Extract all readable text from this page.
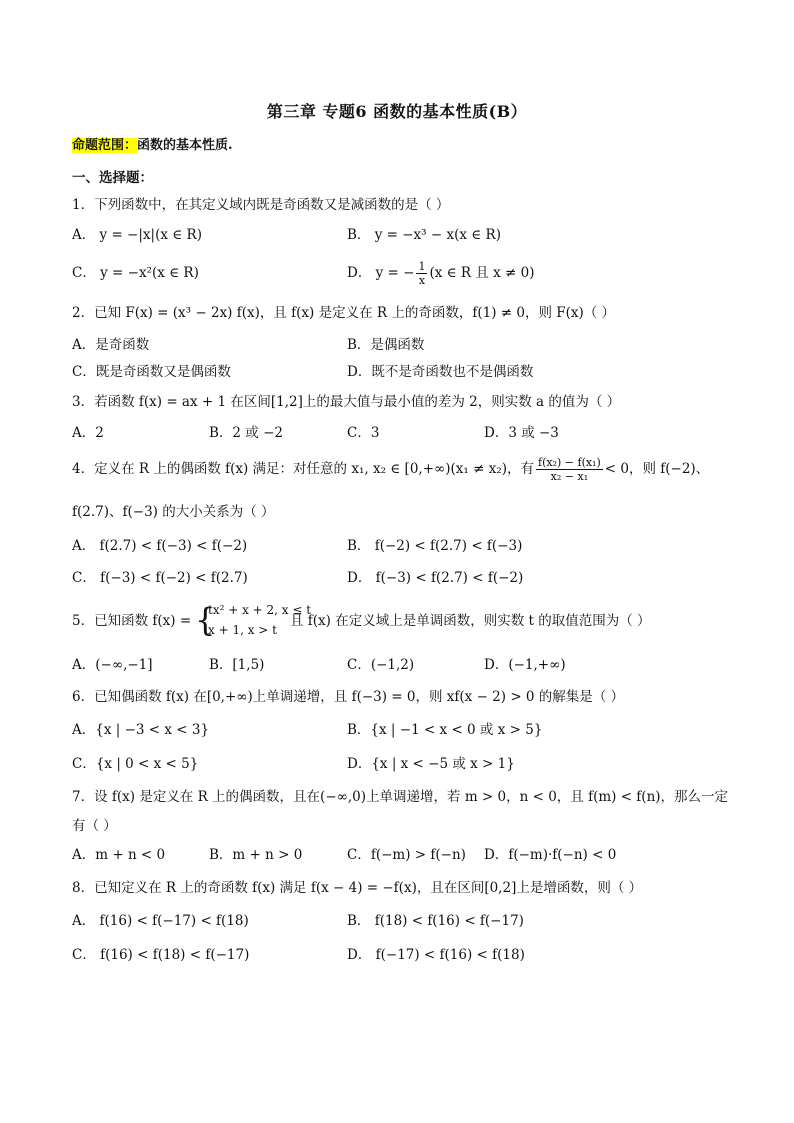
第三章 专题6 函数的基本性质(B）
命题范围：函数的基本性质.
一、选择题：
1．下列函数中，在其定义域内既是奇函数又是减函数的是（ ）
A． y = −|x|(x ∈ R)	B． y = −x³ − x(x ∈ R)
C． y = −x²(x ∈ R)	D． y = − $\frac{1}{x} (x$ ∈ R 且 x ≠ 0)
2．已知 F(x) = (x³ − 2x) f(x)，且 f(x) 是定义在 R 上的奇函数，f(1) ≠ 0，则 F(x)（ ）
A．是奇函数	B．是偶函数
C．既是奇函数又是偶函数	D．既不是奇函数也不是偶函数
3．若函数 f(x) = ax + 1 在区间[1,2]上的最大值与最小值的差为 2，则实数 a 的值为（ ）
A．2	B．2 或 −2	C．3	D．3 或 −3
4．定义在 R 上的偶函数 f(x) 满足：对任意的 x₁, x₂ ∈ [0,+∞)(x₁ ≠ x₂)，有 $\frac{\text{f(x₂) − f(x₁)}}{\text{x₂ − x₁}} < 0$，则 f(−2)、
f(2.7)、f(−3) 的大小关系为（ ）
A． f(2.7) < f(−3) < f(−2)	B． f(−2) < f(2.7) < f(−3)
C． f(−3) < f(−2) < f(2.7)	D． f(−3) < f(2.7) < f(−2)
5．已知函数 f(x) = {
tx² + x + 2, x ≤ t
x + 1, x > t
且 f(x) 在定义域上是单调函数，则实数 t 的取值范围为（ ）
A．(−∞,−1]	B．[1,5)	C．(−1,2)	D．(−1,+∞)
6．已知偶函数 f(x) 在[0,+∞)上单调递增，且 f(−3) = 0，则 xf(x − 2) > 0 的解集是（ ）
A．{x | −3 < x < 3}	B．{x | −1 < x < 0 或 x > 5}
C．{x | 0 < x < 5}	D．{x | x < −5 或 x > 1}
7．设 f(x) 是定义在 R 上的偶函数，且在(−∞,0)上单调递增，若 m > 0，n < 0，且 f(m) < f(n)，那么一定
有（ ）
A．m + n < 0	B．m + n > 0	C．f(−m) > f(−n) D．f(−m)·f(−n) < 0
8．已知定义在 R 上的奇函数 f(x) 满足 f(x − 4) = −f(x)，且在区间[0,2]上是增函数，则（ ）
A． f(16) < f(−17) < f(18)	B． f(18) < f(16) < f(−17)
C． f(16) < f(18) < f(−17)	D． f(−17) < f(16) < f(18)
